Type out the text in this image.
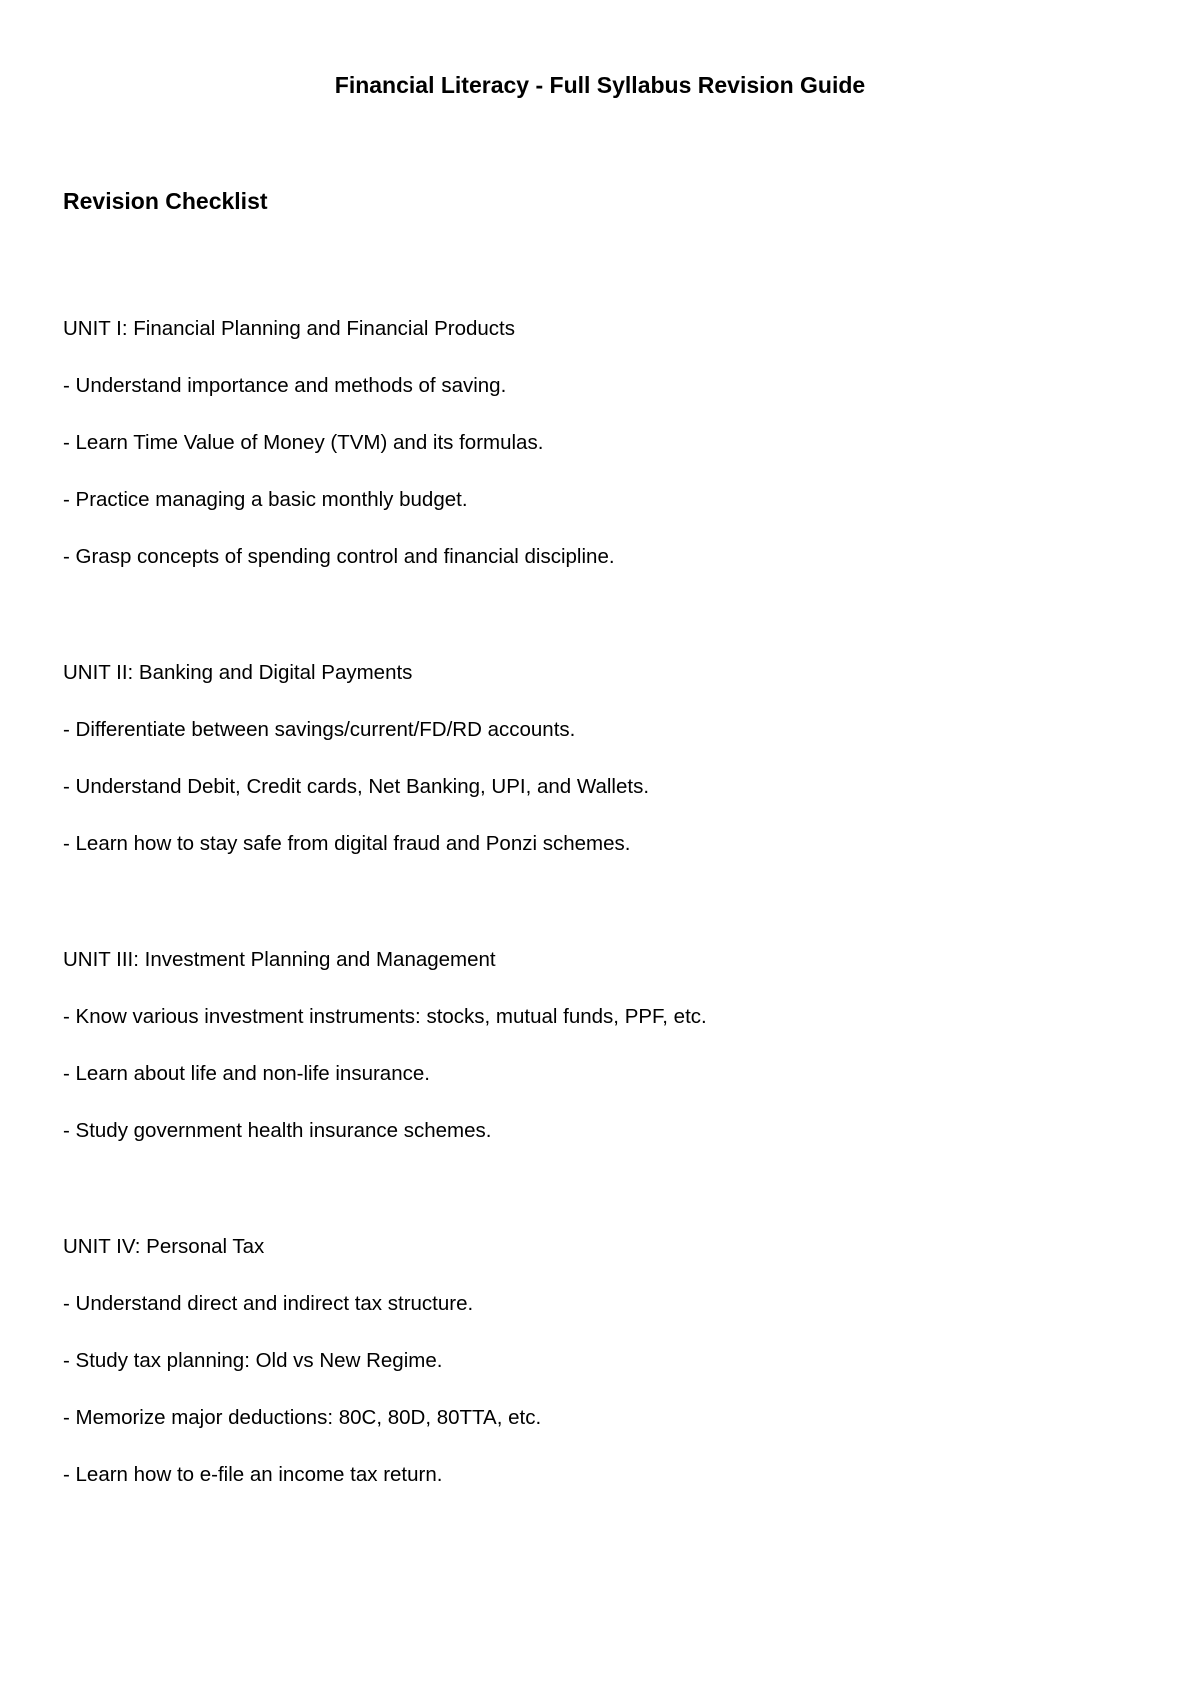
Financial Literacy - Full Syllabus Revision Guide
Revision Checklist

UNIT I: Financial Planning and Financial Products

- Understand importance and methods of saving.

- Learn Time Value of Money (TVM) and its formulas.

- Practice managing a basic monthly budget.

- Grasp concepts of spending control and financial discipline.

UNIT II: Banking and Digital Payments

- Differentiate between savings/current/FD/RD accounts.

- Understand Debit, Credit cards, Net Banking, UPI, and Wallets.

- Learn how to stay safe from digital fraud and Ponzi schemes.

UNIT III: Investment Planning and Management

- Know various investment instruments: stocks, mutual funds, PPF, etc.

- Learn about life and non-life insurance.

- Study government health insurance schemes.

UNIT IV: Personal Tax

- Understand direct and indirect tax structure.

- Study tax planning: Old vs New Regime.

- Memorize major deductions: 80C, 80D, 80TTA, etc.

- Learn how to e-file an income tax return.
